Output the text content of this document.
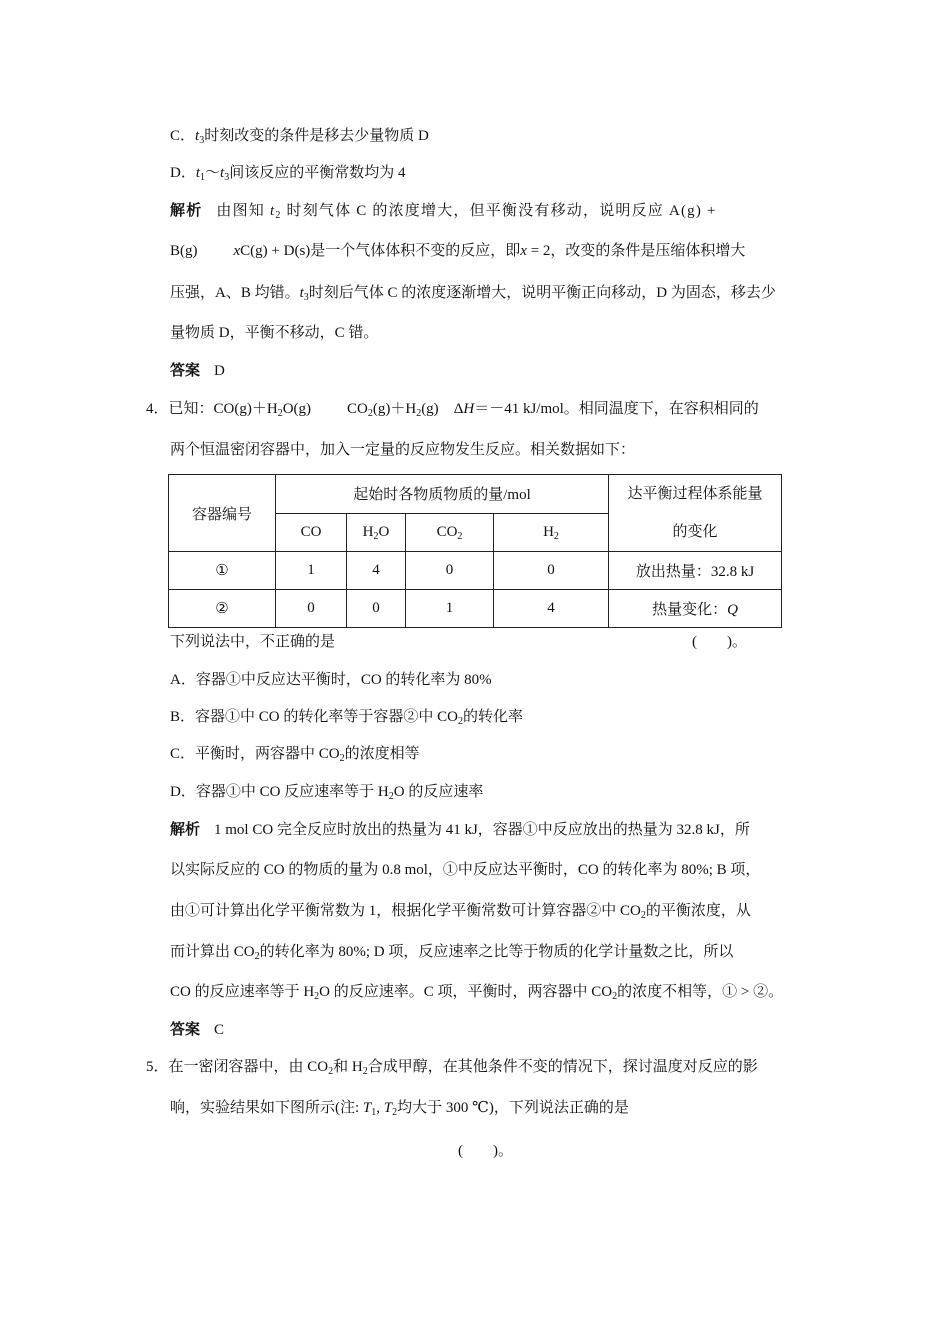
C．$t_3$时刻改变的条件是移去少量物质 D
D．$t_1\sim t_3$间该反应的平衡常数均为 4
解析 由图知 $t_2$ 时刻气体 C 的浓度增大，但平衡没有移动，说明反应 A(g) +
B(g) xC(g) + D(s)是一个气体体积不变的反应，即x = 2，改变的条件是压缩体积增大
压强，A、B 均错。$t_3$时刻后气体 C 的浓度逐渐增大，说明平衡正向移动，D 为固态，移去少
量物质 D，平衡不移动，C 错。
答案 D
4．已知：$CO(g)+H_2O(g)$ $CO_2(g)+H_2(g)$　 ΔH＝－41 kJ/mol。相同温度下，在容积相同的
两个恒温密闭容器中，加入一定量的反应物发生反应。相关数据如下：
容器编号	起始时各物质物质的量/mol				达平衡过程体系能量
的变化

	CO	$H_2O$	$CO_2$	$H_2$
①	1	4	0	0	放出热量：32.8 kJ
②	0	0	1	4	热量变化：Q
下列说法中，不正确的是	(　　)。
A．容器①中反应达平衡时，CO 的转化率为 80%
B．容器①中 CO 的转化率等于容器②中 $CO_2$的转化率
C．平衡时，两容器中 $CO_2$的浓度相等
D．容器①中 CO 反应速率等于 $H_2O$ 的反应速率
解析 1 mol CO 完全反应时放出的热量为 41 kJ，容器①中反应放出的热量为 32.8 kJ，所
以实际反应的 CO 的物质的量为 0.8 mol，①中反应达平衡时，CO 的转化率为 80%; B 项，
由①可计算出化学平衡常数为 1，根据化学平衡常数可计算容器②中 $CO_2$的平衡浓度，从
而计算出 $CO_2$的转化率为 80%; D 项，反应速率之比等于物质的化学计量数之比，所以
CO 的反应速率等于 $H_2O$ 的反应速率。C 项，平衡时，两容器中 $CO_2$的浓度不相等，① > ②。
答案 C
5．在一密闭容器中，由 $CO_2$和 $H_2$合成甲醇，在其他条件不变的情况下，探讨温度对反应的影
响，实验结果如下图所示(注: $T_1$, $T_2$均大于 300 ℃)，下列说法正确的是
(　　)。
